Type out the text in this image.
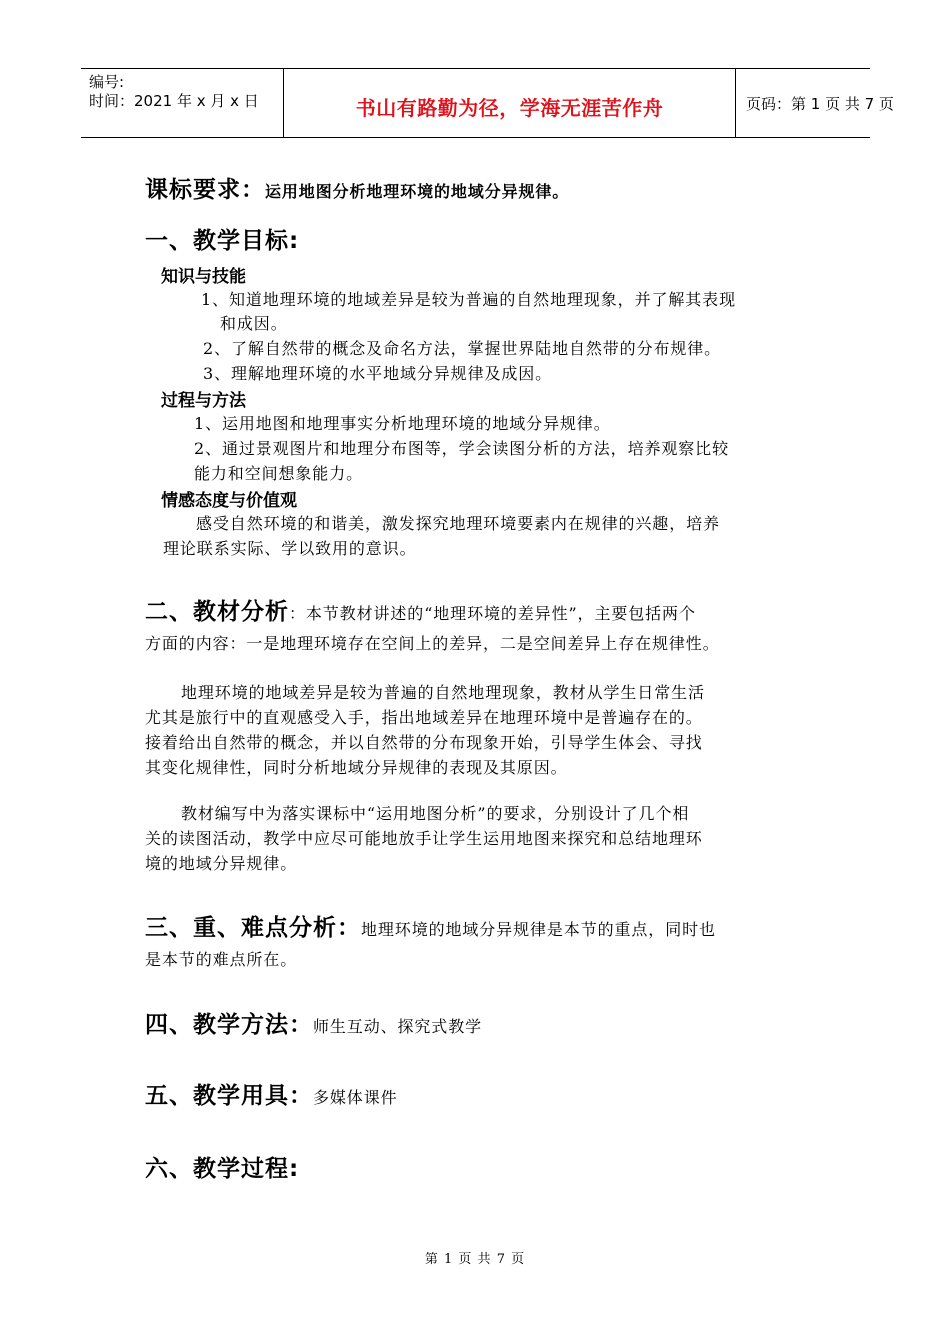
编号:
时间：2021 年 x 月 x 日	书山有路勤为径，学海无涯苦作舟	页码：第 1 页 共 7 页
课标要求：运用地图分析地理环境的地域分异规律。
一、教学目标:
知识与技能
1、知道地理环境的地域差异是较为普遍的自然地理现象，并了解其表现
和成因。
2、了解自然带的概念及命名方法，掌握世界陆地自然带的分布规律。
3、理解地理环境的水平地域分异规律及成因。
过程与方法
1、运用地图和地理事实分析地理环境的地域分异规律。
2、通过景观图片和地理分布图等，学会读图分析的方法，培养观察比较
能力和空间想象能力。
情感态度与价值观
感受自然环境的和谐美，激发探究地理环境要素内在规律的兴趣，培养
理论联系实际、学以致用的意识。
二、教材分析：本节教材讲述的“地理环境的差异性”，主要包括两个
方面的内容：一是地理环境存在空间上的差异，二是空间差异上存在规律性。
地理环境的地域差异是较为普遍的自然地理现象，教材从学生日常生活
尤其是旅行中的直观感受入手，指出地域差异在地理环境中是普遍存在的。
接着给出自然带的概念，并以自然带的分布现象开始，引导学生体会、寻找
其变化规律性，同时分析地域分异规律的表现及其原因。
教材编写中为落实课标中“运用地图分析”的要求，分别设计了几个相
关的读图活动，教学中应尽可能地放手让学生运用地图来探究和总结地理环
境的地域分异规律。
三、重、难点分析：地理环境的地域分异规律是本节的重点，同时也
是本节的难点所在。
四、教学方法：师生互动、探究式教学
五、教学用具：多媒体课件
六、教学过程:
第 1 页 共 7 页
